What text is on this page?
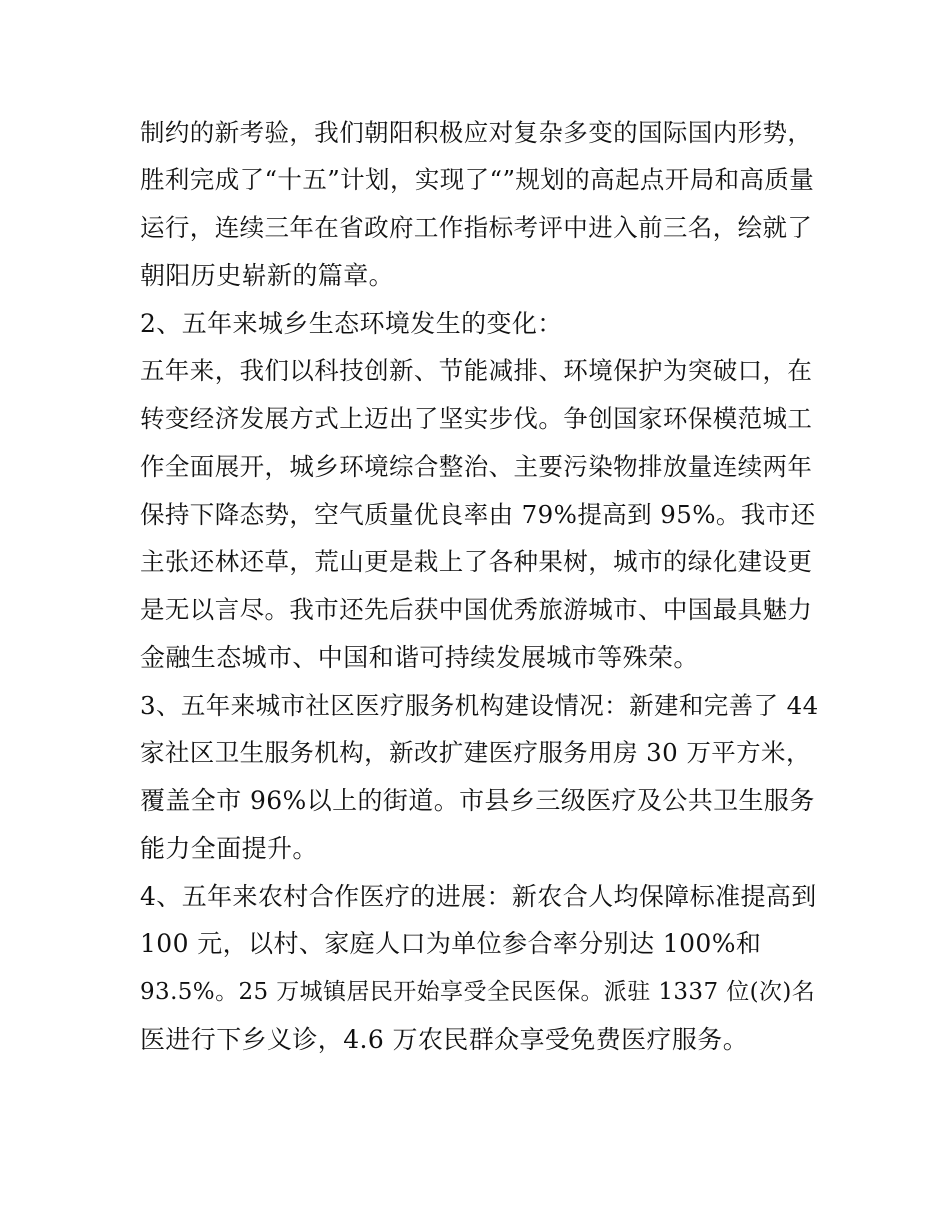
制约的新考验，我们朝阳积极应对复杂多变的国际国内形势，
胜利完成了“十五”计划，实现了“”规划的高起点开局和高质量
运行，连续三年在省政府工作指标考评中进入前三名，绘就了
朝阳历史崭新的篇章。
2、五年来城乡生态环境发生的变化：
五年来，我们以科技创新、节能减排、环境保护为突破口，在
转变经济发展方式上迈出了坚实步伐。争创国家环保模范城工
作全面展开，城乡环境综合整治、主要污染物排放量连续两年
保持下降态势，空气质量优良率由 79%提高到 95%。我市还
主张还林还草，荒山更是栽上了各种果树，城市的绿化建设更
是无以言尽。我市还先后获中国优秀旅游城市、中国最具魅力
金融生态城市、中国和谐可持续发展城市等殊荣。
3、五年来城市社区医疗服务机构建设情况：新建和完善了 44
家社区卫生服务机构，新改扩建医疗服务用房 30 万平方米，
覆盖全市 96%以上的街道。市县乡三级医疗及公共卫生服务
能力全面提升。
4、五年来农村合作医疗的进展：新农合人均保障标准提高到
100 元，以村、家庭人口为单位参合率分别达 100%和
93.5%。25 万城镇居民开始享受全民医保。派驻 1337 位(次)名
医进行下乡义诊，4.6 万农民群众享受免费医疗服务。
